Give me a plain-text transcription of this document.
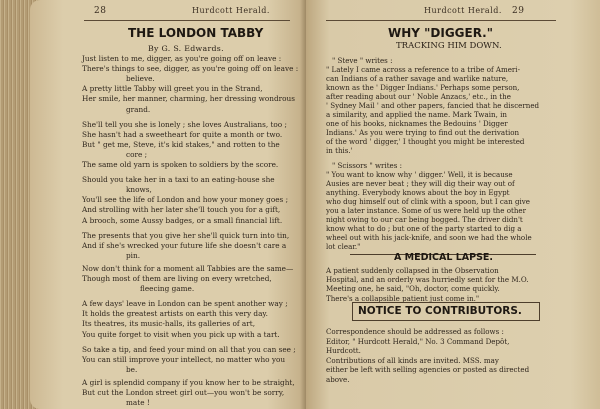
28	Hurdcott Herald.
THE LONDON TABBY
By G. S. Edwards.
Just listen to me, digger, as you're going off on leave :
There's things to see, digger, as you're going off on leave :
believe.
A pretty little Tabby will greet you in the Strand,
Her smile, her manner, charming, her dressing wondrous
grand.
She'll tell you she is lonely ; she loves Australians, too ;
She hasn't had a sweetheart for quite a month or two.
But " get me, Steve, it's kid stakes," and rotten to the
core ;
The same old yarn is spoken to soldiers by the score.
Should you take her in a taxi to an eating-house she
knows,
You'll see the life of London and how your money goes ;
And strolling with her later she'll touch you for a gift,
A brooch, some Aussy badges, or a small financial lift.
The presents that you give her she'll quick turn into tin,
And if she's wrecked your future life she doesn't care a
pin.
Now don't think for a moment all Tabbies are the same—
Though most of them are living on every wretched,
fleecing game.
A few days' leave in London can be spent another way ;
It holds the greatest artists on earth this very day.
Its theatres, its music-halls, its galleries of art,
You quite forget to visit when you pick up with a tart.
So take a tip, and feed your mind on all that you can see ;
You can still improve your intellect, no matter who you
be.
A girl is splendid company if you know her to be straight,
But cut the London street girl out—you won't be sorry,
mate !
Hurdcott Herald. 29
WHY "DIGGER."
TRACKING HIM DOWN.
" Steve " writes :
" Lately I came across a reference to a tribe of Ameri-
can Indians of a rather savage and warlike nature,
known as the ' Digger Indians.' Perhaps some person,
after reading about our ' Noble Anzacs,' etc., in the
' Sydney Mail ' and other papers, fancied that he discerned
a similarity, and applied the name. Mark Twain, in
one of his books, nicknames the Bedouins ' Digger
Indians.' As you were trying to find out the derivation
of the word ' digger,' I thought you might be interested
in this.'
" Scissors " writes :
" You want to know why ' digger.' Well, it is because
Ausies are never beat ; they will dig their way out of
anything. Everybody knows about the boy in Egypt
who dug himself out of clink with a spoon, but I can give
you a later instance. Some of us were held up the other
night owing to our car being bogged. The driver didn't
know what to do ; but one of the party started to dig a
wheel out with his jack-knife, and soon we had the whole
lot clear."
A MEDICAL LAPSE.
A patient suddenly collapsed in the Observation
Hospital, and an orderly was hurriedly sent for the M.O.
Meeting one, he said, "Oh, doctor, come quickly.
There's a collapsible patient just come in."
NOTICE TO CONTRIBUTORS.
Correspondence should be addressed as follows :
Editor, " Hurdcott Herald," No. 3 Command Depôt,
Hurdcott.
Contributions of all kinds are invited. MSS. may
either be left with selling agencies or posted as directed
above.
